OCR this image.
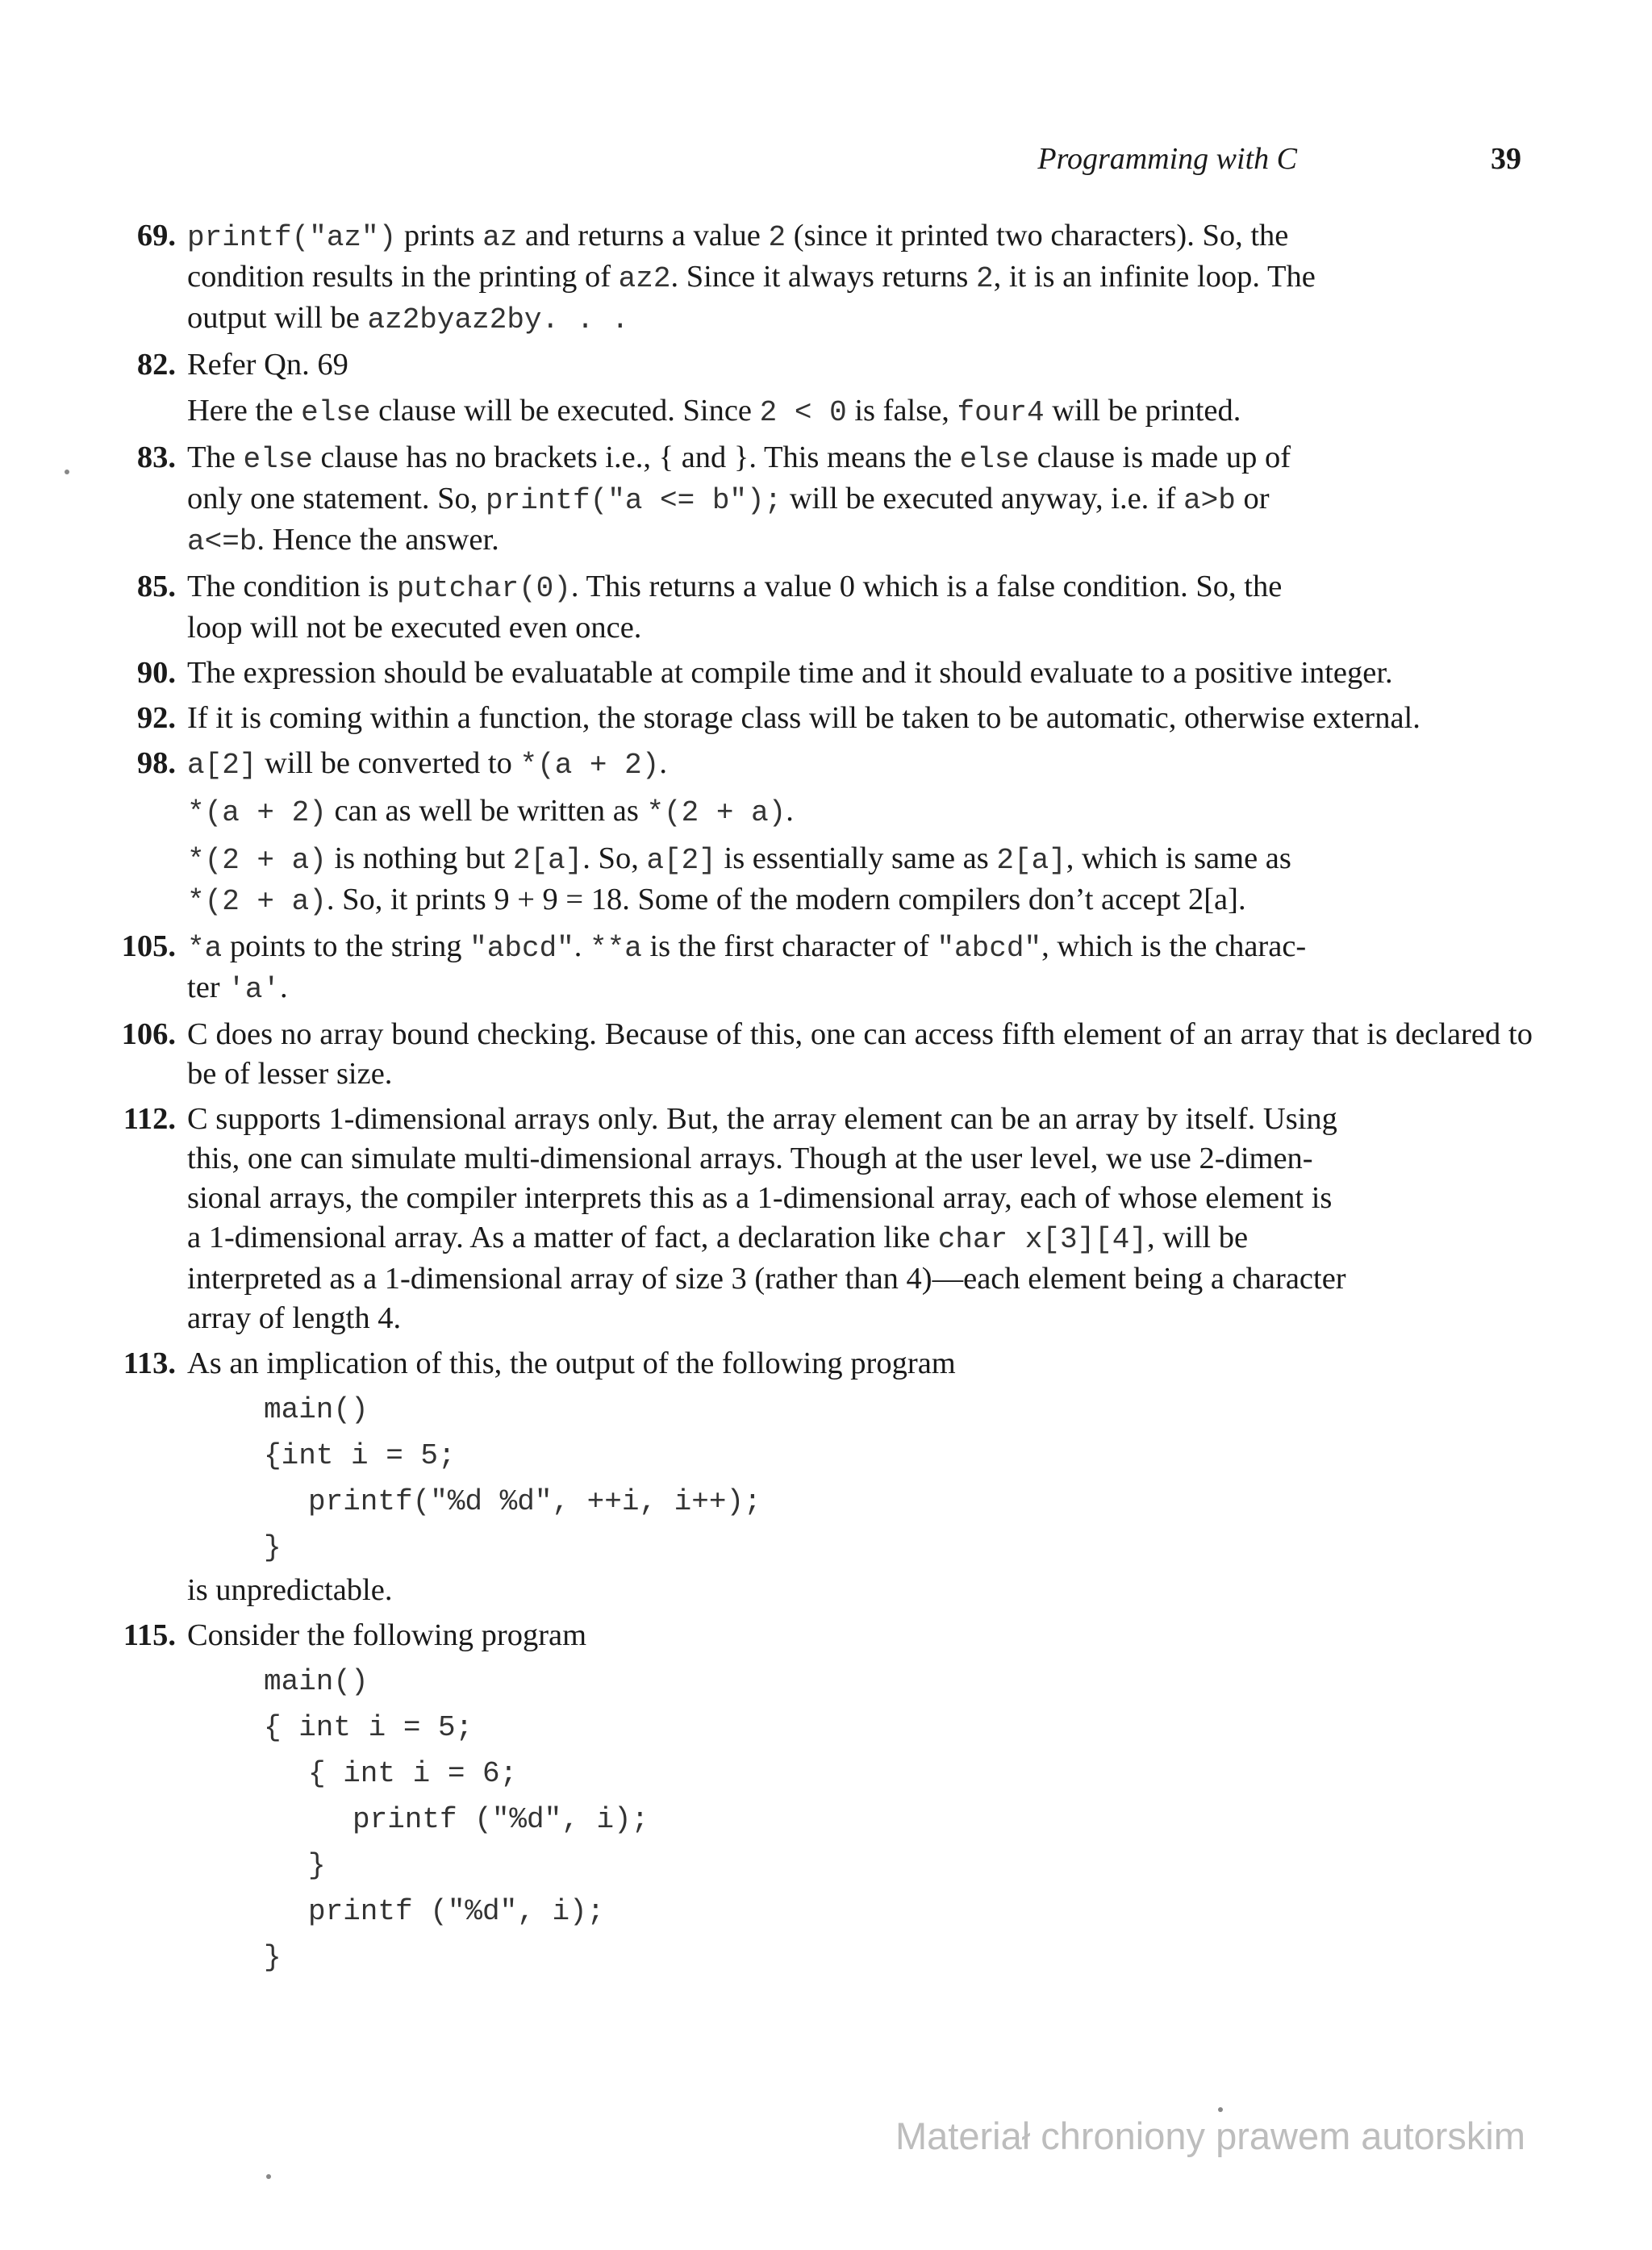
Programming with C	39
69. printf("az") prints az and returns a value 2 (since it printed two characters). So, the
condition results in the printing of az2. Since it always returns 2, it is an infinite loop. The
output will be az2byaz2by. . .
82. Refer Qn. 69
Here the else clause will be executed. Since 2 < 0 is false, four4 will be printed.
83. The else clause has no brackets i.e., { and }. This means the else clause is made up of
only one statement. So, printf("a <= b"); will be executed anyway, i.e. if a>b or
a<=b. Hence the answer.
85. The condition is putchar(0). This returns a value 0 which is a false condition. So, the
loop will not be executed even once.
90. The expression should be evaluatable at compile time and it should evaluate to a positive integer.
92. If it is coming within a function, the storage class will be taken to be automatic, otherwise external.
98. a[2] will be converted to *(a + 2).
*(a + 2) can as well be written as *(2 + a).
*(2 + a) is nothing but 2[a]. So, a[2] is essentially same as 2[a], which is same as
*(2 + a). So, it prints 9 + 9 = 18. Some of the modern compilers don’t accept 2[a].
105. *a points to the string "abcd". **a is the first character of "abcd", which is the charac-
ter 'a'.
106. C does no array bound checking. Because of this, one can access fifth element of an array that is declared to be of lesser size.
112. C supports 1-dimensional arrays only. But, the array element can be an array by itself. Using
this, one can simulate multi-dimensional arrays. Though at the user level, we use 2-dimen-
sional arrays, the compiler interprets this as a 1-dimensional array, each of whose element is
a 1-dimensional array. As a matter of fact, a declaration like char x[3][4], will be
interpreted as a 1-dimensional array of size 3 (rather than 4)—each element being a character
array of length 4.
113. As an implication of this, the output of the following program
main()
{int i = 5;
printf("%d %d", ++i, i++);
}
is unpredictable.
115. Consider the following program
main()
{ int i = 5;
{ int i = 6;
printf ("%d", i);
}
printf ("%d", i);
}
Materiał chroniony prawem autorskim
